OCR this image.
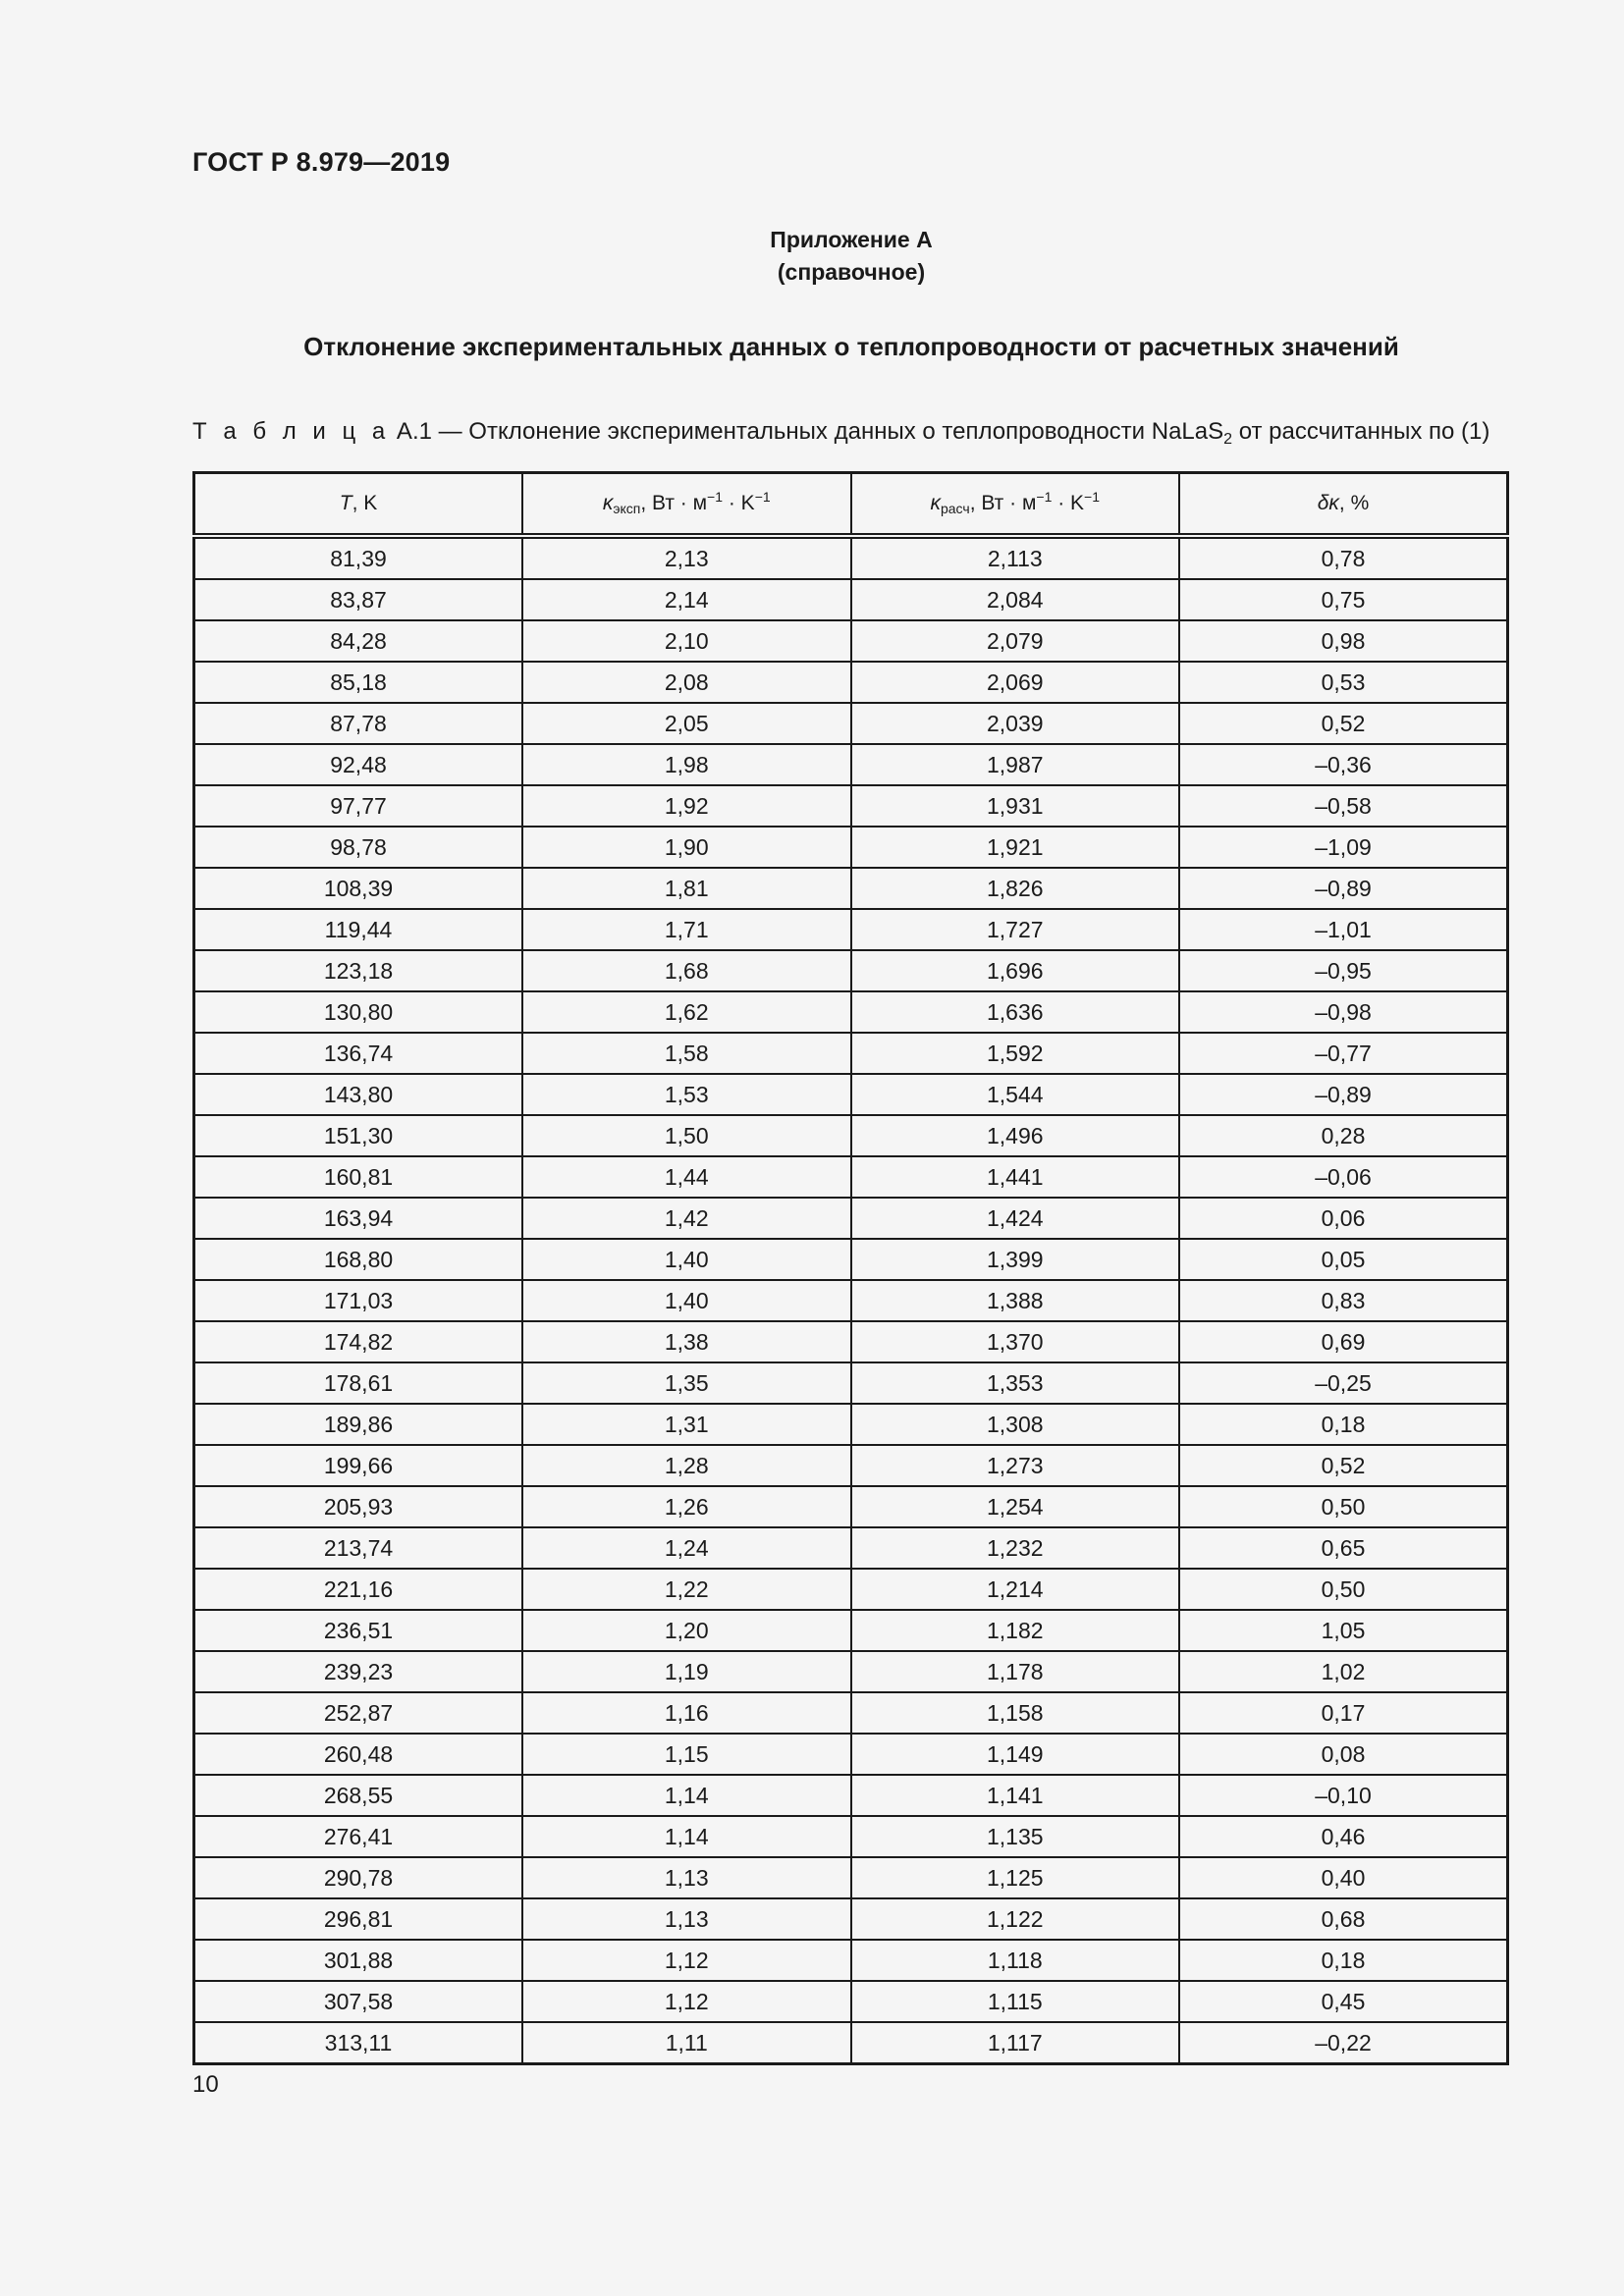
ГОСТ Р 8.979—2019
Приложение А
(справочное)
Отклонение экспериментальных данных о теплопроводности от расчетных значений
Т а б л и ц а А.1 — Отклонение экспериментальных данных о теплопроводности NaLaS$_2$ от рассчитанных по (1)
T, K	$\kappa_{эксп}$, Вт · $м^{-1} \cdot K^{-1}$	$\kappa_{расч}$, Вт · $м^{-1} \cdot K^{-1}$	δκ, %
81,39	2,13	2,113	0,78
83,87	2,14	2,084	0,75
84,28	2,10	2,079	0,98
85,18	2,08	2,069	0,53
87,78	2,05	2,039	0,52
92,48	1,98	1,987	–0,36
97,77	1,92	1,931	–0,58
98,78	1,90	1,921	–1,09
108,39	1,81	1,826	–0,89
119,44	1,71	1,727	–1,01
123,18	1,68	1,696	–0,95
130,80	1,62	1,636	–0,98
136,74	1,58	1,592	–0,77
143,80	1,53	1,544	–0,89
151,30	1,50	1,496	0,28
160,81	1,44	1,441	–0,06
163,94	1,42	1,424	0,06
168,80	1,40	1,399	0,05
171,03	1,40	1,388	0,83
174,82	1,38	1,370	0,69
178,61	1,35	1,353	–0,25
189,86	1,31	1,308	0,18
199,66	1,28	1,273	0,52
205,93	1,26	1,254	0,50
213,74	1,24	1,232	0,65
221,16	1,22	1,214	0,50
236,51	1,20	1,182	1,05
239,23	1,19	1,178	1,02
252,87	1,16	1,158	0,17
260,48	1,15	1,149	0,08
268,55	1,14	1,141	–0,10
276,41	1,14	1,135	0,46
290,78	1,13	1,125	0,40
296,81	1,13	1,122	0,68
301,88	1,12	1,118	0,18
307,58	1,12	1,115	0,45
313,11	1,11	1,117	–0,22
10
